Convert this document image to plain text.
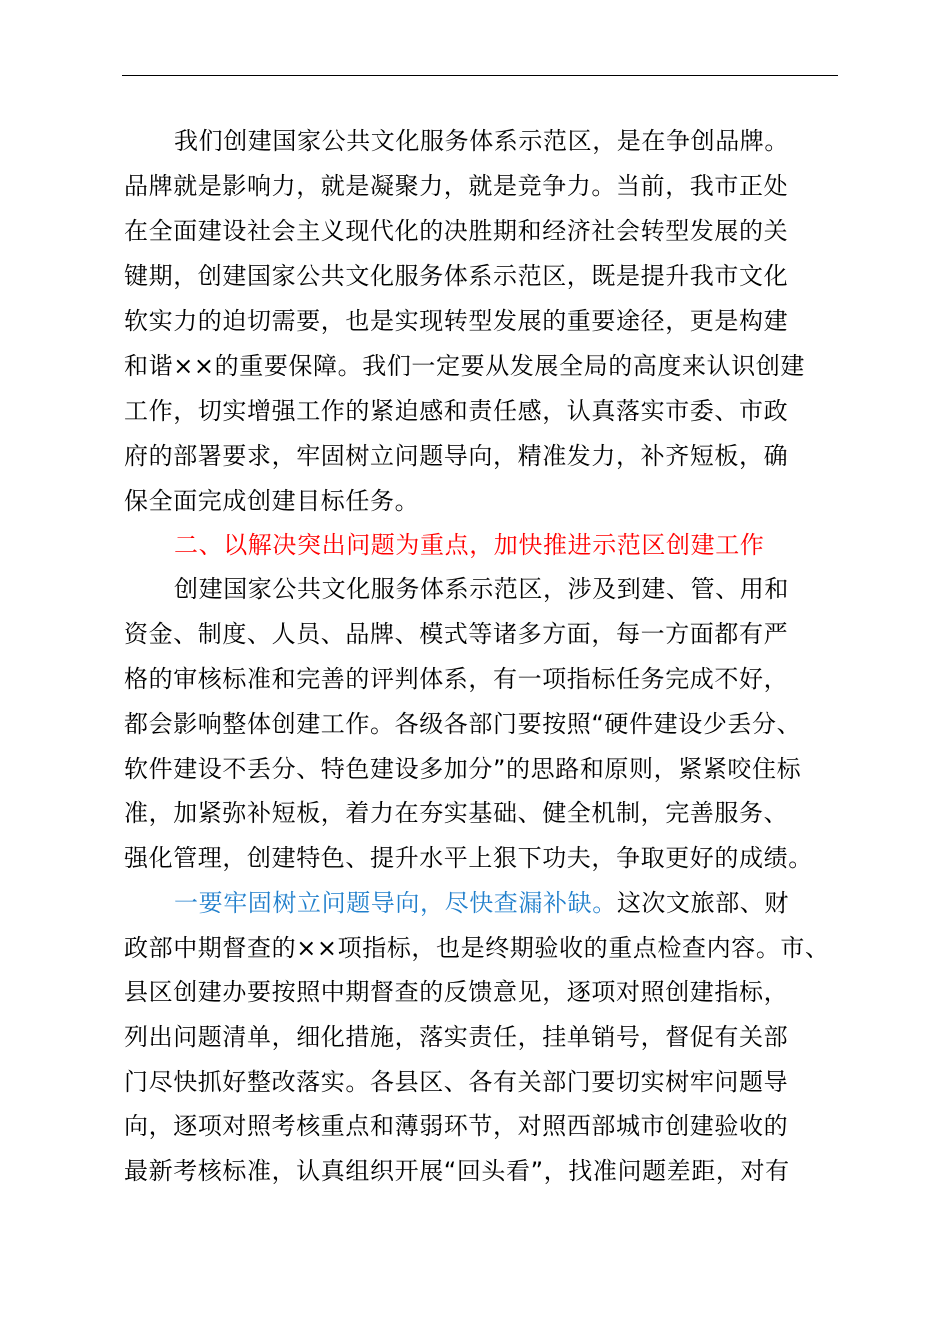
我们创建国家公共文化服务体系示范区，是在争创品牌。
品牌就是影响力，就是凝聚力，就是竞争力。当前，我市正处
在全面建设社会主义现代化的决胜期和经济社会转型发展的关
键期，创建国家公共文化服务体系示范区，既是提升我市文化
软实力的迫切需要，也是实现转型发展的重要途径，更是构建
和谐××的重要保障。我们一定要从发展全局的高度来认识创建
工作，切实增强工作的紧迫感和责任感，认真落实市委、市政
府的部署要求，牢固树立问题导向，精准发力，补齐短板，确
保全面完成创建目标任务。
二、以解决突出问题为重点，加快推进示范区创建工作
创建国家公共文化服务体系示范区，涉及到建、管、用和
资金、制度、人员、品牌、模式等诸多方面，每一方面都有严
格的审核标准和完善的评判体系，有一项指标任务完成不好，
都会影响整体创建工作。各级各部门要按照“硬件建设少丢分、
软件建设不丢分、特色建设多加分”的思路和原则，紧紧咬住标
准，加紧弥补短板，着力在夯实基础、健全机制，完善服务、
强化管理，创建特色、提升水平上狠下功夫，争取更好的成绩。
一要牢固树立问题导向，尽快查漏补缺。这次文旅部、财
政部中期督查的××项指标，也是终期验收的重点检查内容。市、
县区创建办要按照中期督查的反馈意见，逐项对照创建指标，
列出问题清单，细化措施，落实责任，挂单销号，督促有关部
门尽快抓好整改落实。各县区、各有关部门要切实树牢问题导
向，逐项对照考核重点和薄弱环节，对照西部城市创建验收的
最新考核标准，认真组织开展“回头看”，找准问题差距，对有
